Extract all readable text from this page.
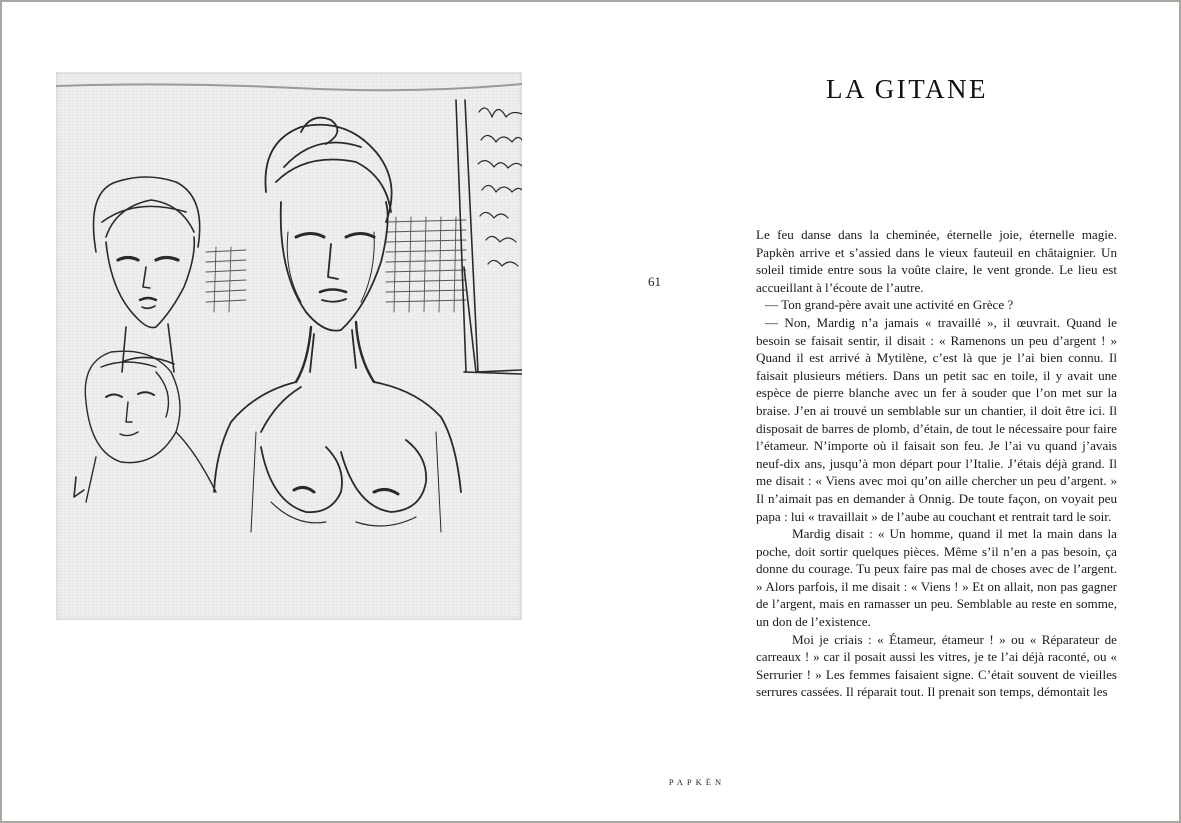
LA GITANE
61

Le feu danse dans la cheminée, éternelle joie, éternelle magie. Papkèn arrive et s’assied dans le vieux fauteuil en châtaignier. Un soleil timide entre sous la voûte claire, le vent gronde. Le lieu est accueillant à l’écoute de l’autre.

— Ton grand-père avait une activité en Grèce ?

— Non, Mardig n’a jamais « travaillé », il œuvrait. Quand le besoin se faisait sentir, il disait : « Ramenons un peu d’argent ! » Quand il est arrivé à Mytilène, c’est là que je l’ai bien connu. Il faisait plusieurs métiers. Dans un petit sac en toile, il y avait une espèce de pierre blanche avec un fer à souder que l’on met sur la braise. J’en ai trouvé un semblable sur un chantier, il doit être ici. Il disposait de barres de plomb, d’étain, de tout le nécessaire pour faire l’étameur. N’importe où il faisait son feu. Je l’ai vu quand j’avais neuf-dix ans, jusqu’à mon départ pour l’Italie. J’étais déjà grand. Il me disait : « Viens avec moi qu’on aille chercher un peu d’argent. » Il n’aimait pas en demander à Onnig. De toute façon, on voyait peu papa : lui « travaillait » de l’aube au couchant et rentrait tard le soir.

Mardig disait : « Un homme, quand il met la main dans la poche, doit sortir quelques pièces. Même s’il n’en a pas besoin, ça donne du courage. Tu peux faire pas mal de choses avec de l’argent. » Alors parfois, il me disait : « Viens ! » Et on allait, non pas gagner de l’argent, mais en ramasser un peu. Semblable au reste en somme, un don de l’existence.

Moi je criais : « Étameur, étameur ! » ou « Réparateur de carreaux ! » car il posait aussi les vitres, je te l’ai déjà raconté, ou « Serrurier ! » Les femmes faisaient signe. C’était souvent de vieilles serrures cassées. Il réparait tout. Il prenait son temps, démontait les

PAPKÈN
